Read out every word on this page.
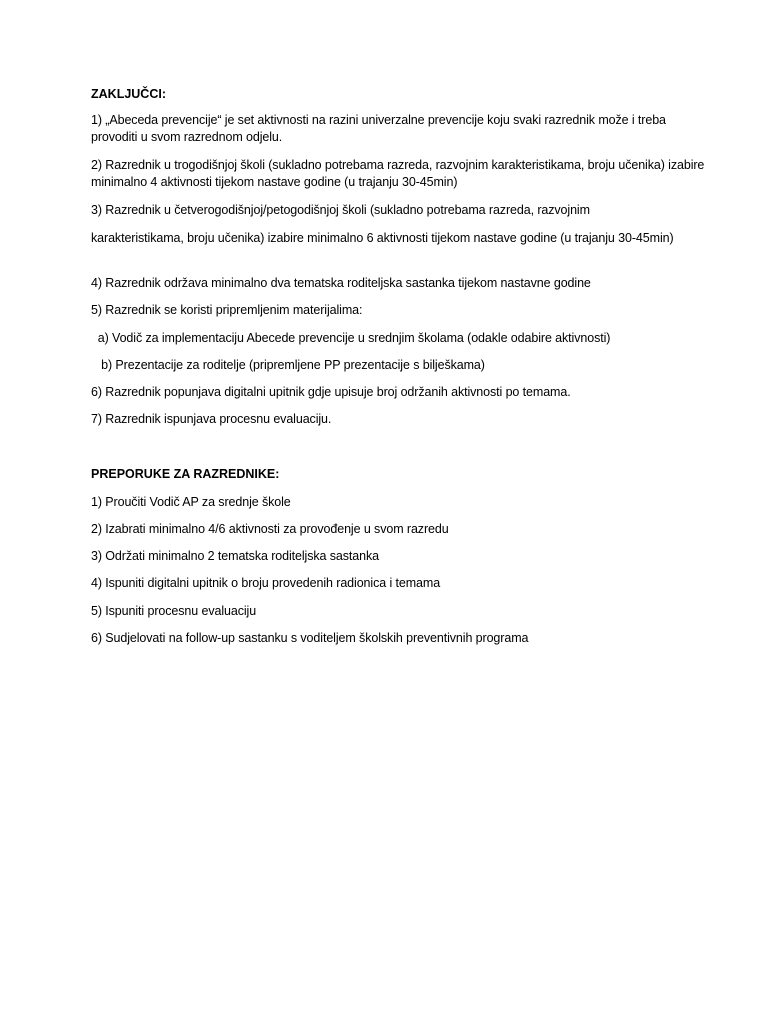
ZAKLJUČCI:
1) „Abeceda prevencije“ je set aktivnosti na razini univerzalne prevencije koju svaki razrednik može i treba provoditi u svom razrednom odjelu.
2) Razrednik u trogodišnjoj školi (sukladno potrebama razreda, razvojnim karakteristikama, broju učenika) izabire minimalno 4 aktivnosti tijekom nastave godine (u trajanju 30-45min)
3) Razrednik u četverogodišnjoj/petogodišnjoj školi (sukladno potrebama razreda, razvojnim
karakteristikama, broju učenika) izabire minimalno 6 aktivnosti tijekom nastave godine (u trajanju 30-45min)
4) Razrednik održava minimalno dva tematska roditeljska sastanka tijekom nastavne godine
5) Razrednik se koristi pripremljenim materijalima:
a) Vodič za implementaciju Abecede prevencije u srednjim školama (odakle odabire aktivnosti)
b) Prezentacije za roditelje (pripremljene PP prezentacije s bilješkama)
6) Razrednik popunjava digitalni upitnik gdje upisuje broj održanih aktivnosti po temama.
7) Razrednik ispunjava procesnu evaluaciju.
PREPORUKE ZA RAZREDNIKE:
1) Proučiti Vodič AP za srednje škole
2) Izabrati minimalno 4/6 aktivnosti za provođenje u svom razredu
3) Održati minimalno 2 tematska roditeljska sastanka
4) Ispuniti digitalni upitnik o broju provedenih radionica i temama
5) Ispuniti procesnu evaluaciju
6) Sudjelovati na follow-up sastanku s voditeljem školskih preventivnih programa
